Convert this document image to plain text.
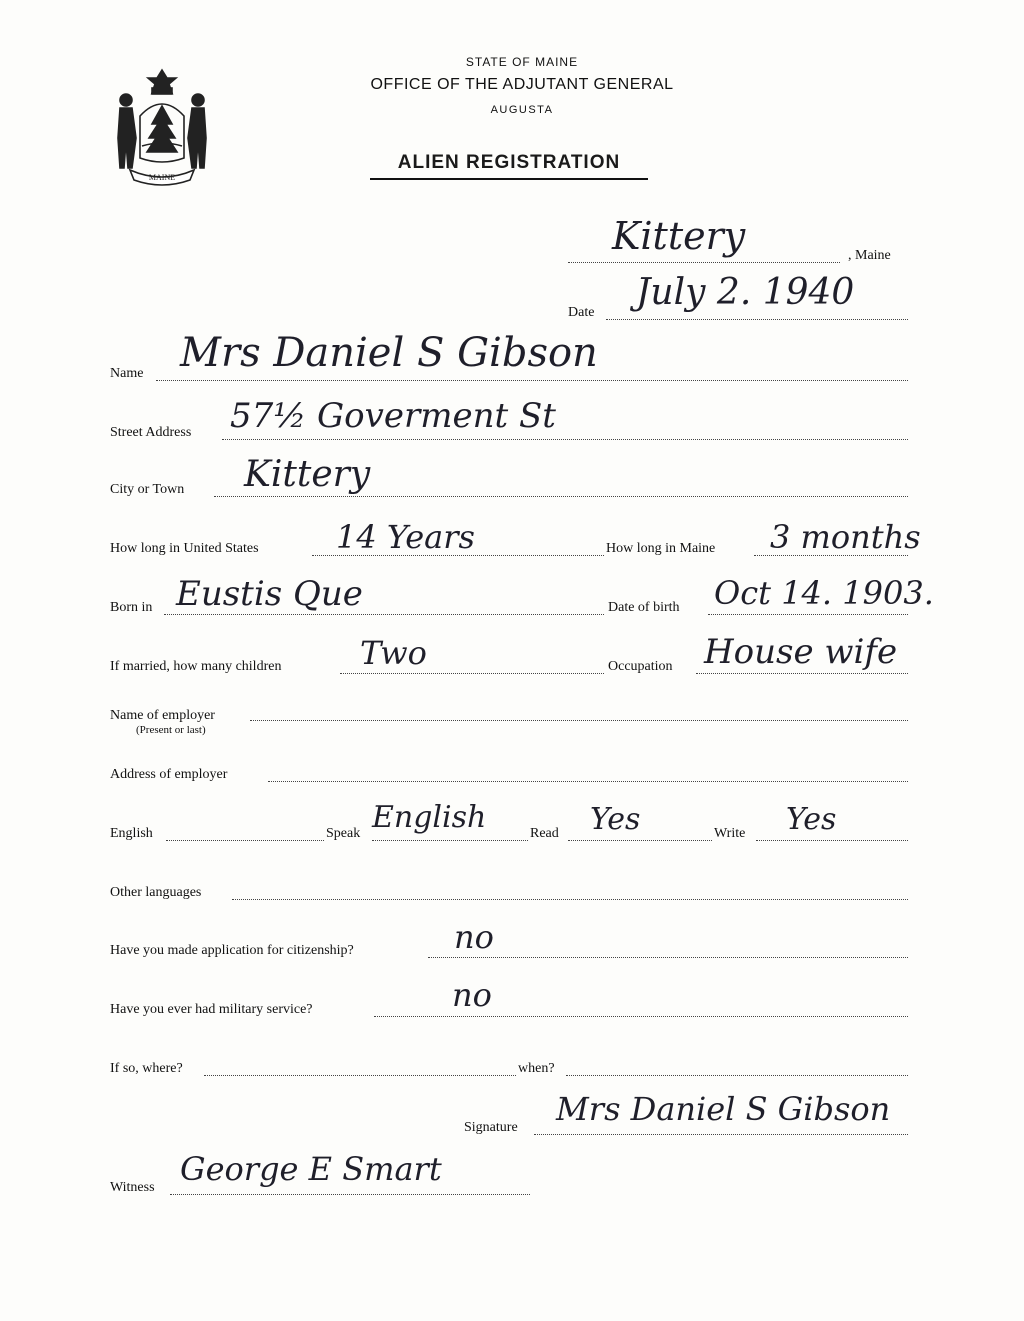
MAINE
STATE OF MAINE
OFFICE OF THE ADJUTANT GENERAL
AUGUSTA
ALIEN REGISTRATION
Kittery	, Maine
Date July 2. 1940
Name Mrs Daniel S Gibson
Street Address 57½ Goverment St
City or Town Kittery
How long in United States 14 Years	How long in Maine 3 months
Born in Eustis Que	Date of birth Oct 14. 1903.
If married, how many children Two	Occupation House wife
Name of employer
(Present or last)
Address of employer
English	Speak English	Read Yes	Write Yes
Other languages
Have you made application for citizenship?	no
Have you ever had military service?	no
If so, where?	when?
Signature Mrs Daniel S Gibson
Witness George E Smart
